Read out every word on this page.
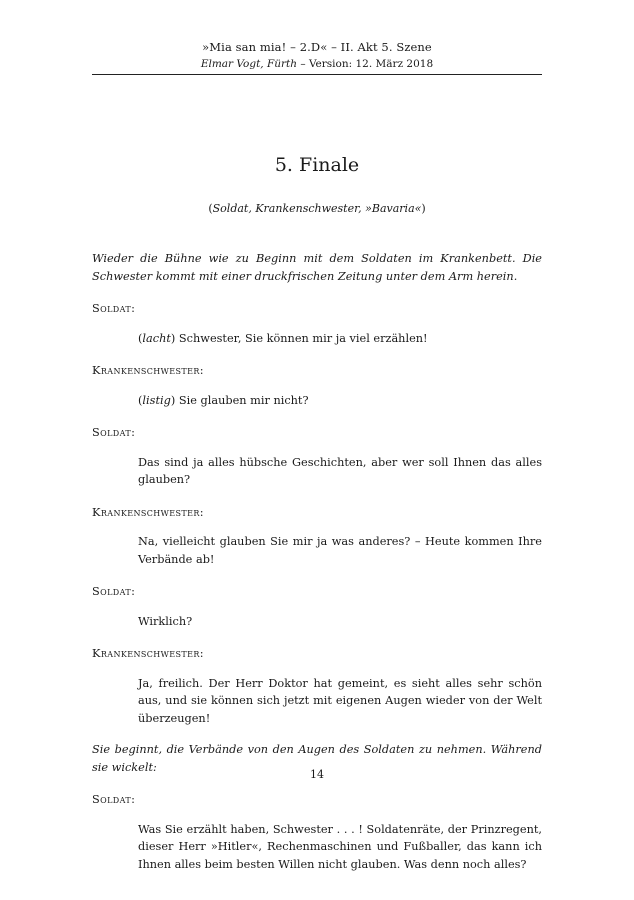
»Mia san mia! – 2.D« – II. Akt 5. Szene
Elmar Vogt, Fürth – Version: 12. März 2018
5. Finale
(Soldat, Krankenschwester, »Bavaria«)

Wieder die Bühne wie zu Beginn mit dem Soldaten im Krankenbett. Die Schwester kommt mit einer druckfrischen Zeitung unter dem Arm herein.

Soldat:

(lacht) Schwester, Sie können mir ja viel erzählen!

Krankenschwester:

(listig) Sie glauben mir nicht?

Soldat:

Das sind ja alles hübsche Geschichten, aber wer soll Ihnen das alles glauben?

Krankenschwester:

Na, vielleicht glauben Sie mir ja was anderes? – Heute kommen Ihre Verbände ab!

Soldat:

Wirklich?

Krankenschwester:

Ja, freilich. Der Herr Doktor hat gemeint, es sieht alles sehr schön aus, und sie können sich jetzt mit eigenen Augen wieder von der Welt überzeugen!

Sie beginnt, die Verbände von den Augen des Soldaten zu nehmen. Während sie wickelt:

Soldat:

Was Sie erzählt haben, Schwester . . . ! Soldatenräte, der Prinzregent, dieser Herr »Hitler«, Rechenmaschinen und Fußballer, das kann ich Ihnen alles beim besten Willen nicht glauben. Was denn noch alles?

14
